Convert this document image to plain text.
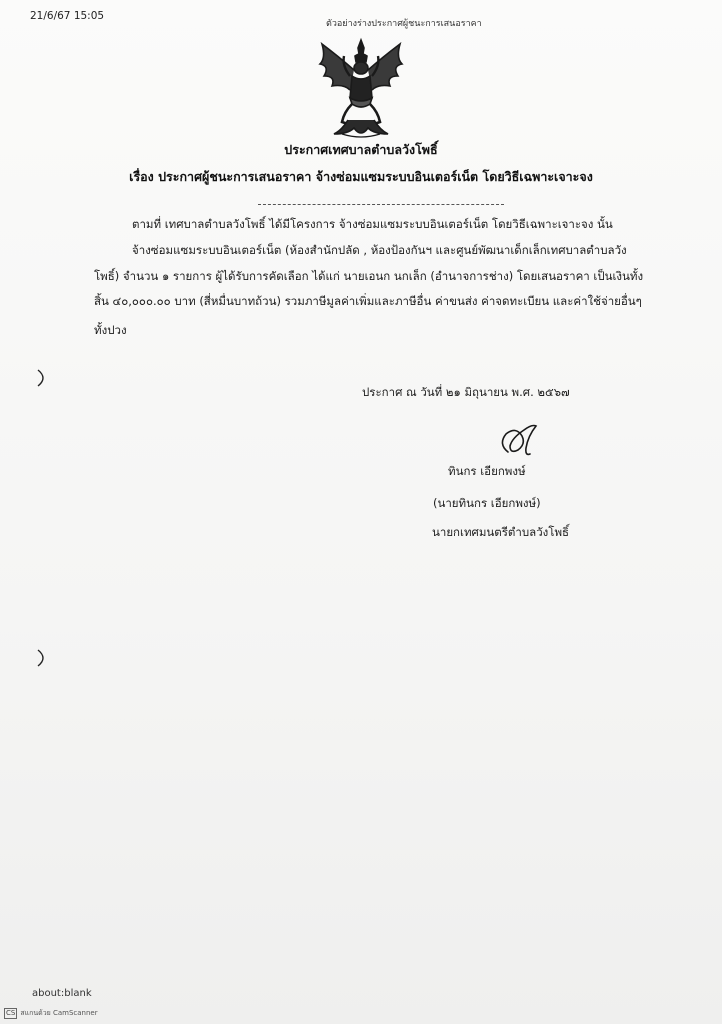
21/6/67 15:05
ตัวอย่างร่างประกาศผู้ชนะการเสนอราคา
ประกาศเทศบาลตำบลวังโพธิ์
เรื่อง ประกาศผู้ชนะการเสนอราคา จ้างซ่อมแซมระบบอินเตอร์เน็ต โดยวิธีเฉพาะเจาะจง
ตามที่ เทศบาลตำบลวังโพธิ์ ได้มีโครงการ จ้างซ่อมแซมระบบอินเตอร์เน็ต โดยวิธีเฉพาะเจาะจง นั้น
จ้างซ่อมแซมระบบอินเตอร์เน็ต (ห้องสำนักปลัด , ห้องป้องกันฯ และศูนย์พัฒนาเด็กเล็กเทศบาลตำบลวัง
โพธิ์) จำนวน ๑ รายการ ผู้ได้รับการคัดเลือก ได้แก่ นายเอนก นกเล็ก (อำนาจการช่าง) โดยเสนอราคา เป็นเงินทั้ง
สิ้น ๔๐,๐๐๐.๐๐ บาท (สี่หมื่นบาทถ้วน) รวมภาษีมูลค่าเพิ่มและภาษีอื่น ค่าขนส่ง ค่าจดทะเบียน และค่าใช้จ่ายอื่นๆ
ทั้งปวง
ประกาศ ณ วันที่ ๒๑ มิถุนายน พ.ศ. ๒๕๖๗
ทินกร เอียกพงษ์
(นายทินกร เอียกพงษ์)
นายกเทศมนตรีตำบลวังโพธิ์
about:blank
CS สแกนด้วย CamScanner
